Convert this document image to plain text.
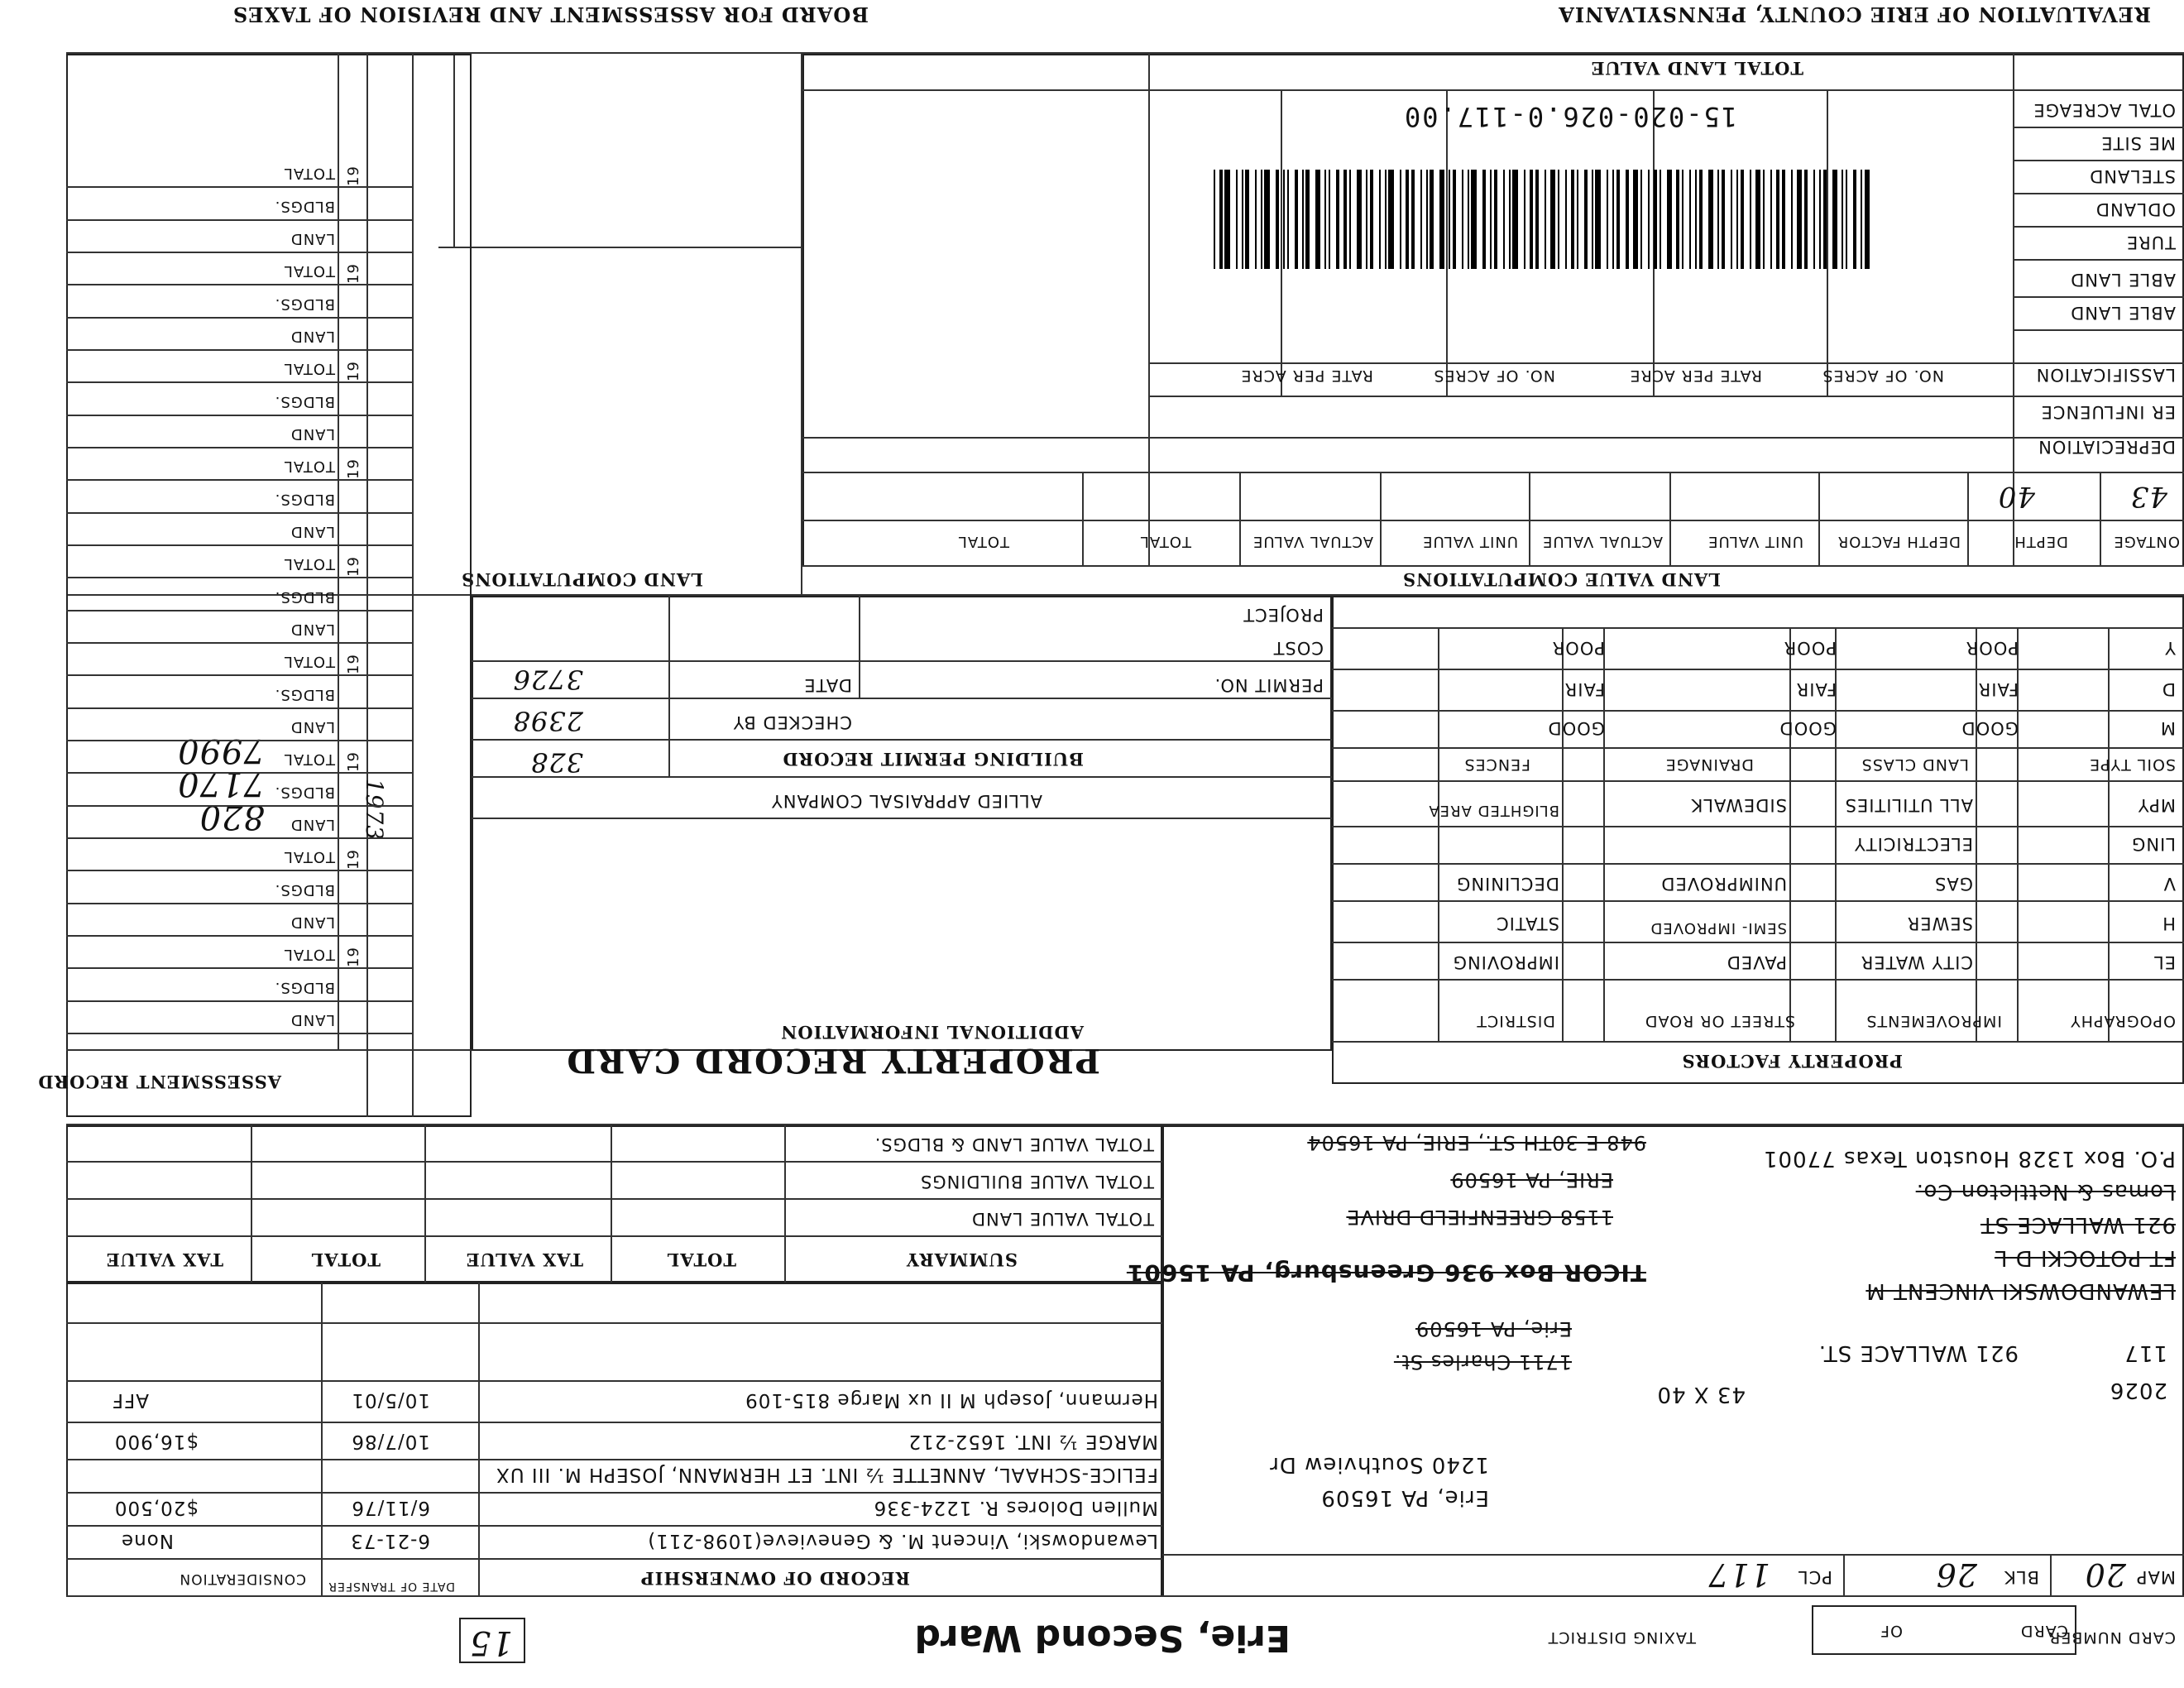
REVALUATION OF ERIE COUNTY, PENNSYLVANIA
BOARD FOR ASSESSMENT AND REVISION OF TAXES
TOTAL LAND VALUE
OTAL ACREAGE
ME SITE
STELAND
ODLAND
TURE
ABLE LAND
ABLE LAND
LASSIFICATION
NO. OF ACRES
RATE PER ACRE
NO. OF ACRES
RATE PER ACRE
ER INFLUENCE
DEPRECIATION
15-020-026.0-117.00
ONTAGE
DEPTH
DEPTH FACTOR
UNIT VALUE
ACTUAL VALUE
UNIT VALUE
ACTUAL VALUE
TOTAL
TOTAL
43
40
LAND VALUE COMPUTATIONS
LAND COMPUTATIONS
PROPERTY FACTORS
OPOGRAPHY
IMPROVEMENTS
STREET OR ROAD
DISTRICT
CITY WATER
SEWER
GAS
ELECTRICITY
ALL UTILITIES
PAVED
SEMI- IMPROVED
UNIMPROVED
SIDEWALK
IMPROVING
STATIC
DECLINING
BLIGHTED AREA
EL
H
V
LING
MPY
SOIL TYPE
LAND CLASS
DRAINAGE
FENCES
M
D
Y
GOOD
FAIR
POOR
GOOD
FAIR
POOR
GOOD
FAIR
POOR
PROJECT
COST
PERMIT NO.
DATE
CHECKED BY
BUILDING PERMIT RECORD
ALLIED APPRAISAL COMPANY
ADDITIONAL INFORMATION
328
2398
3726
PROPERTY RECORD CARD
ASSESSMENT RECORD
820
7170
7990
1973
P.O. Box 1328 Houston Texas 77001
Lomas & Nettleton Co.
921 WALLACE ST
FT POTOCKI D L
LEWANDOWSKI VINCENT M
948 E 30TH ST., ERIE, PA 16504
ERIE, PA 16509
1158 GREENFIELD DRIVE
TICOR Box 936 Greensburg, PA 15601
Erie, PA 16509
1711 Charles St.	117
921 WALLACE ST.
43 X 40	2026
1240 Southview Dr
Erie, PA 16509
MAP
20
BLK
26
PCL
117
TOTAL VALUE LAND & BLDGS.
TOTAL VALUE BUILDINGS
TOTAL VALUE LAND
SUMMARY
TOTAL
TAX VALUE
TOTAL
TAX VALUE
RECORD OF OWNERSHIP
DATE OF TRANSFER
CONSIDERATION
Lewandowski, Vincent M. & Genevieve(1098-211)
6-21-73
None
Mullen Dolores R. 1224-336
6/11/76
$20,500
FELICE-SCHAAL, ANNETTE ½ INT. ET HERMANN, JOSEPH M. III UX
MARGE ½ INT. 1652-212
10/7/86
$16,900
Hermann, Joseph M II ux Marge 815-109
10/5/01
AFF
CARD NUMBER
CARD
OF
TAXING DISTRICT
Erie, Second Ward
15
LAND
BLDGS.
TOTAL 19
LAND
BLDGS.
TOTAL 19
LAND
BLDGS.
TOTAL 19
LAND
BLDGS.
TOTAL 19
LAND
BLDGS.
TOTAL 19
LAND
BLDGS.
TOTAL 19
LAND
BLDGS.
TOTAL 19
LAND
BLDGS.
TOTAL 19
LAND
BLDGS.
TOTAL 19
